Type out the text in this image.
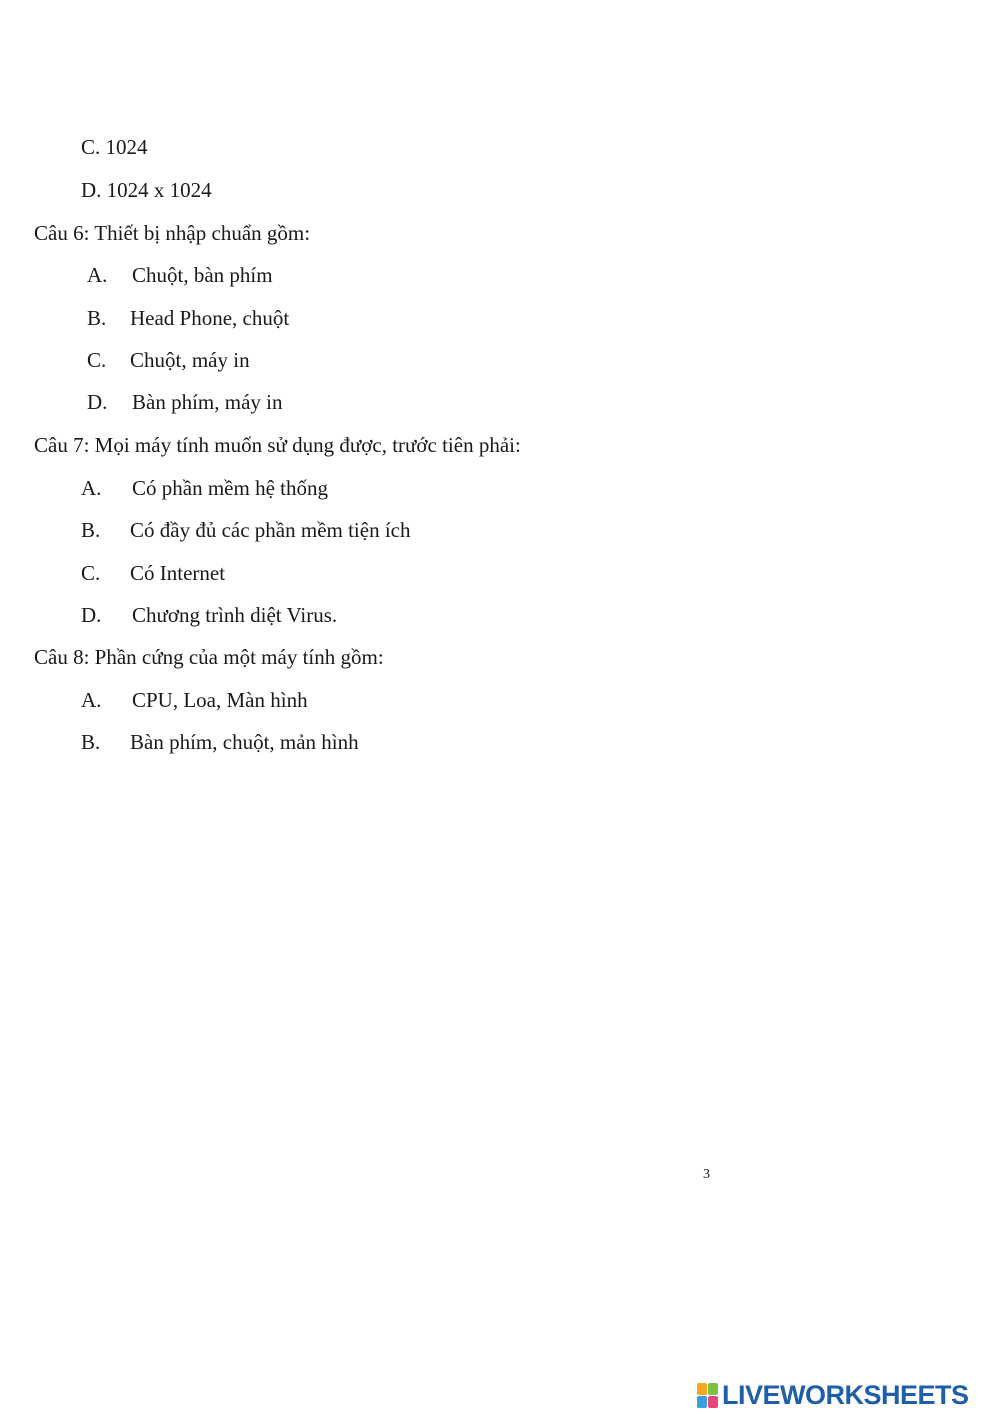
C. 1024
D. 1024 x 1024
Câu 6: Thiết bị nhập chuẩn gồm:
A. Chuột, bàn phím
B. Head Phone, chuột
C. Chuột, máy in
D. Bàn phím, máy in
Câu 7: Mọi máy tính muốn sử dụng được, trước tiên phải:
A. Có phần mềm hệ thống
B. Có đầy đủ các phần mềm tiện ích
C. Có Internet
D. Chương trình diệt Virus.
Câu 8: Phần cứng của một máy tính gồm:
A. CPU, Loa, Màn hình
B. Bàn phím, chuột, mản hình
3
LIVEWORKSHEETS
